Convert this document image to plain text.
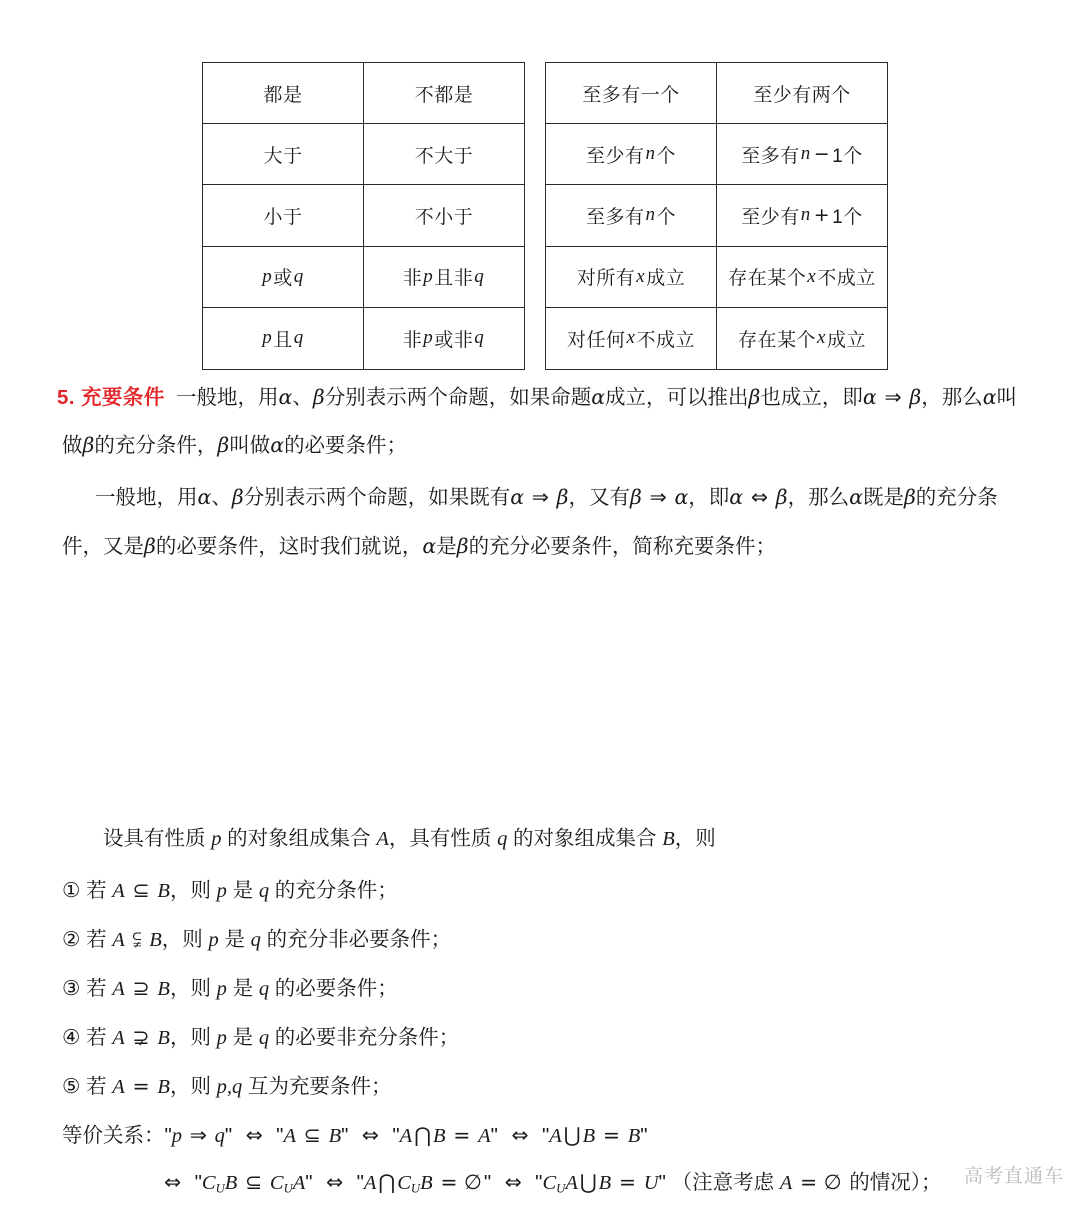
都是	不都是
大于	不大于
小于	不小于
p 或 q	非 p 且非 q
p 且 q	非 p 或非 q
至多有一个	至少有两个
至少有 n 个	至多有 n − 1个
至多有 n 个	至少有 n + 1个
对所有 x 成立	存在某个 x 不成立
对任何 x 不成立	存在某个 x 成立
5. 充要条件 一般地，用α、β分别表示两个命题，如果命题α成立，可以推出β也成立，即α ⇒ β，那么α叫
做β的充分条件，β叫做α的必要条件；
一般地，用α、β分别表示两个命题，如果既有α ⇒ β，又有β ⇒ α，即α ⇔ β，那么α既是β的充分条
件，又是β的必要条件，这时我们就说，α是β的充分必要条件，简称充要条件；
设具有性质 p 的对象组成集合 A，具有性质 q 的对象组成集合 B，则
① 若 A ⊆ B，则 p 是 q 的充分条件；
② 若 A ⫋ B，则 p 是 q 的充分非必要条件；
③ 若 A ⊇ B，则 p 是 q 的必要条件；
④ 若 A ⊋ B，则 p 是 q 的必要非充分条件；
⑤ 若 A = B，则 p,q 互为充要条件；
等价关系："p ⇒ q" ⇔ "A ⊆ B" ⇔ "A⋂B = A" ⇔ "A⋃B = B"
⇔ "$C_UB$ ⊆ $C_UA$" ⇔ "$A⋂C_UB$ = ∅" ⇔ "$C_UA⋃B = U$" （注意考虑 A = ∅ 的情况）； 高考直通车
